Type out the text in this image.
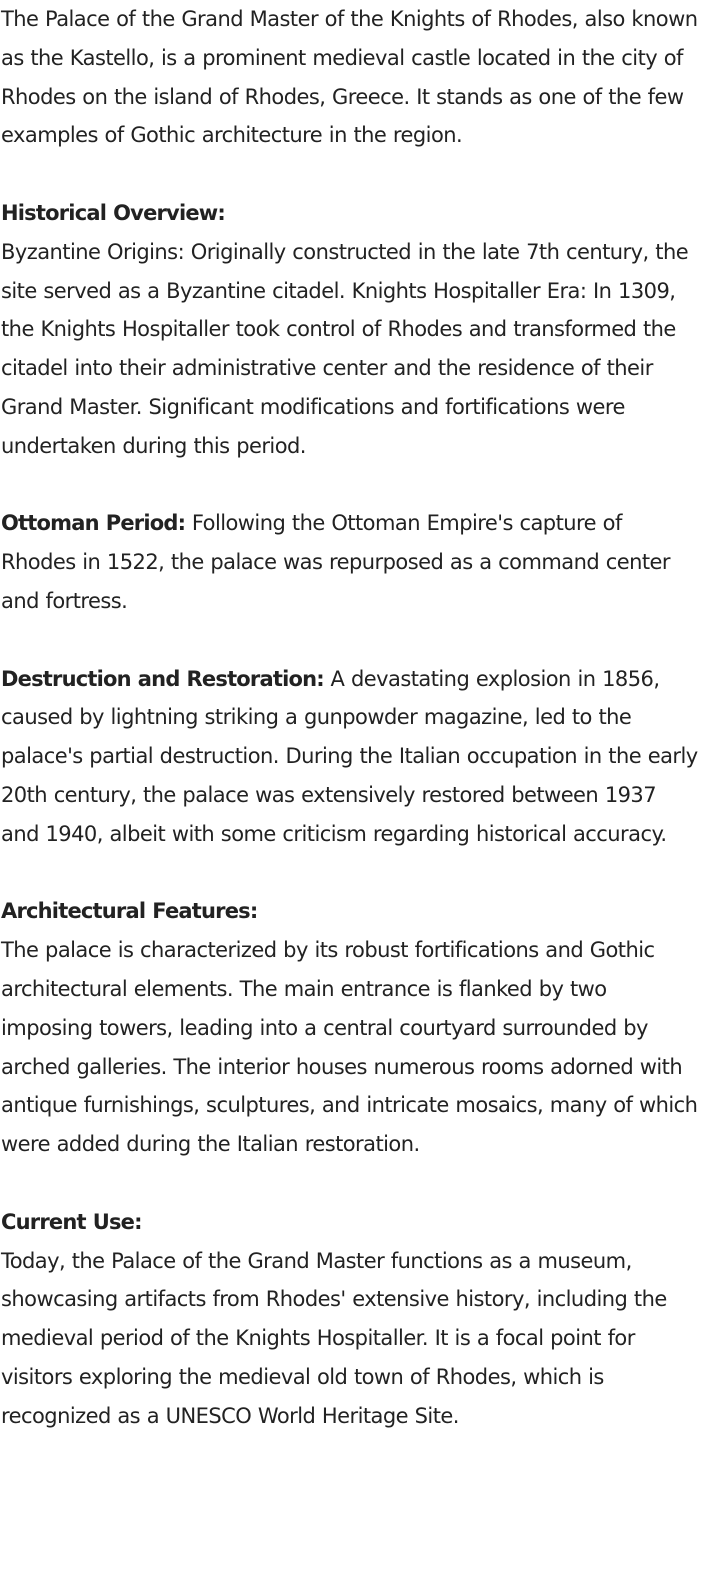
The Palace of the Grand Master of the Knights of Rhodes, also known as the Kastello, is a prominent medieval castle located in the city of Rhodes on the island of Rhodes, Greece. It stands as one of the few examples of Gothic architecture in the region.

Historical Overview:
Byzantine Origins: Originally constructed in the late 7th century, the site served as a Byzantine citadel. Knights Hospitaller Era: In 1309, the Knights Hospitaller took control of Rhodes and transformed the citadel into their administrative center and the residence of their Grand Master. Significant modifications and fortifications were undertaken during this period.

Ottoman Period: Following the Ottoman Empire's capture of Rhodes in 1522, the palace was repurposed as a command center and fortress.

Destruction and Restoration: A devastating explosion in 1856, caused by lightning striking a gunpowder magazine, led to the palace's partial destruction. During the Italian occupation in the early 20th century, the palace was extensively restored between 1937 and 1940, albeit with some criticism regarding historical accuracy.

Architectural Features:
The palace is characterized by its robust fortifications and Gothic architectural elements. The main entrance is flanked by two imposing towers, leading into a central courtyard surrounded by arched galleries. The interior houses numerous rooms adorned with antique furnishings, sculptures, and intricate mosaics, many of which were added during the Italian restoration.

Current Use:
Today, the Palace of the Grand Master functions as a museum, showcasing artifacts from Rhodes' extensive history, including the medieval period of the Knights Hospitaller. It is a focal point for visitors exploring the medieval old town of Rhodes, which is recognized as a UNESCO World Heritage Site.
